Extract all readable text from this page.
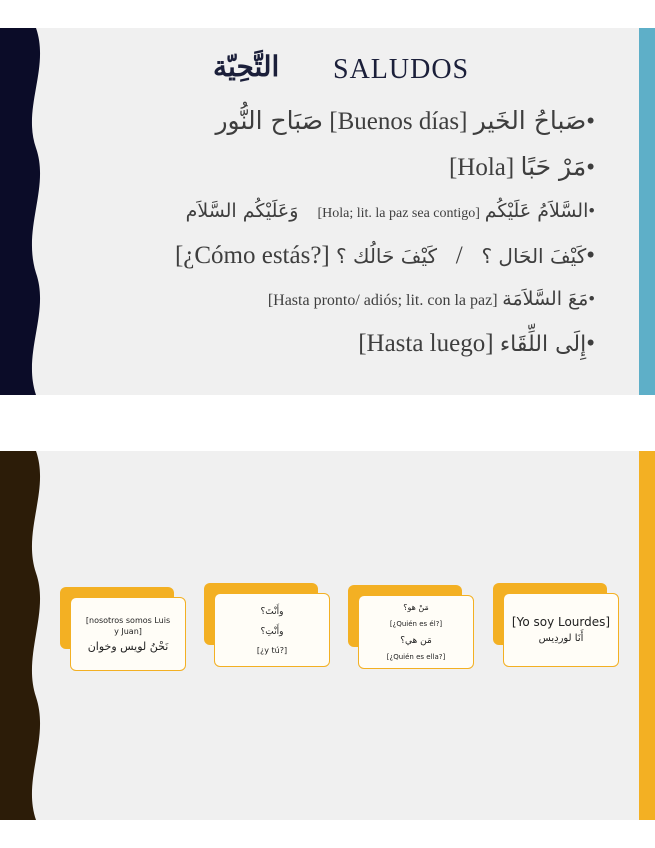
التَّحِيّة SALUDOS
•صَباحُ الخَير [Buenos días] صَبَاح النُّور
•مَرْ حَبًا [Hola]
•السَّلاَمُ عَلَيْكُم [Hola; lit. la paz sea contigo]    وَعَلَيْكُم السَّلاَم
•كَيْفَ الحَال ؟   /   كَيْفَ حَالُك ؟ [¿Cómo estás?]
•مَعَ السَّلاَمَة [Hasta pronto/ adiós; lit. con la paz]
•إِلَى اللِّقَاء [Hasta luego]
[nosotros somos Luis
y Juan]
نَحْنُ لويس وخوان
وأَنْتَ؟
وأَنْتِ؟
[¿y tú?]
مَنْ هو؟
[¿Quién es él?]
مَن هي؟
[¿Quién es ella?]
[Yo soy Lourdes]
أَنَا لوردِيس
